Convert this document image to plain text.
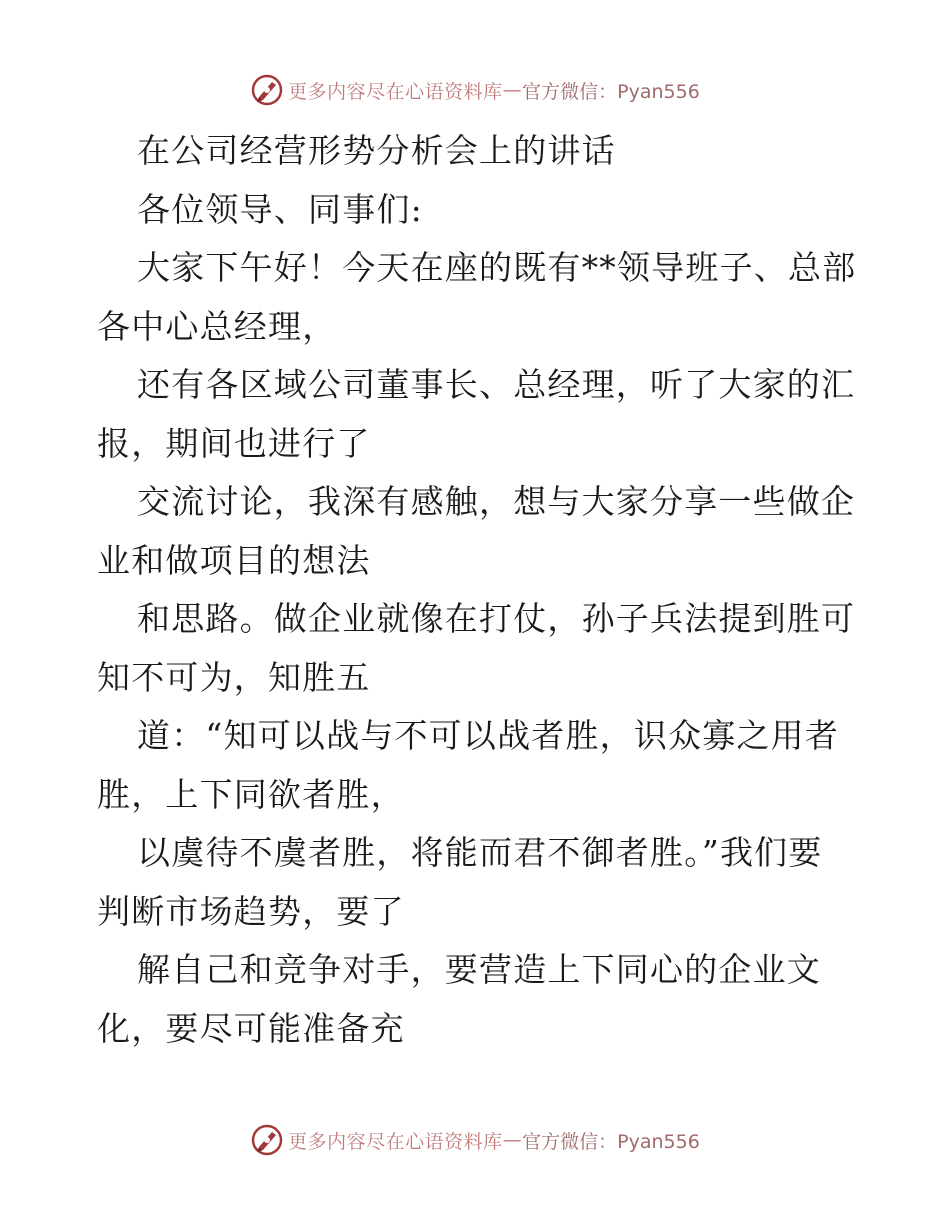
更多内容尽在心语资料库 — 官方微信：Pyan556
在公司经营形势分析会上的讲话
各位领导、同事们:
大家下午好！今天在座的既有**领导班子、总部
各中心总经理，
还有各区域公司董事长、总经理，听了大家的汇
报，期间也进行了
交流讨论，我深有感触，想与大家分享一些做企
业和做项目的想法
和思路。做企业就像在打仗，孙子兵法提到胜可
知不可为，知胜五
道：“知可以战与不可以战者胜，识众寡之用者
胜，上下同欲者胜，
以虞待不虞者胜，将能而君不御者胜。”我们要
判断市场趋势，要了
解自己和竞争对手，要营造上下同心的企业文
化，要尽可能准备充
更多内容尽在心语资料库 — 官方微信：Pyan556
